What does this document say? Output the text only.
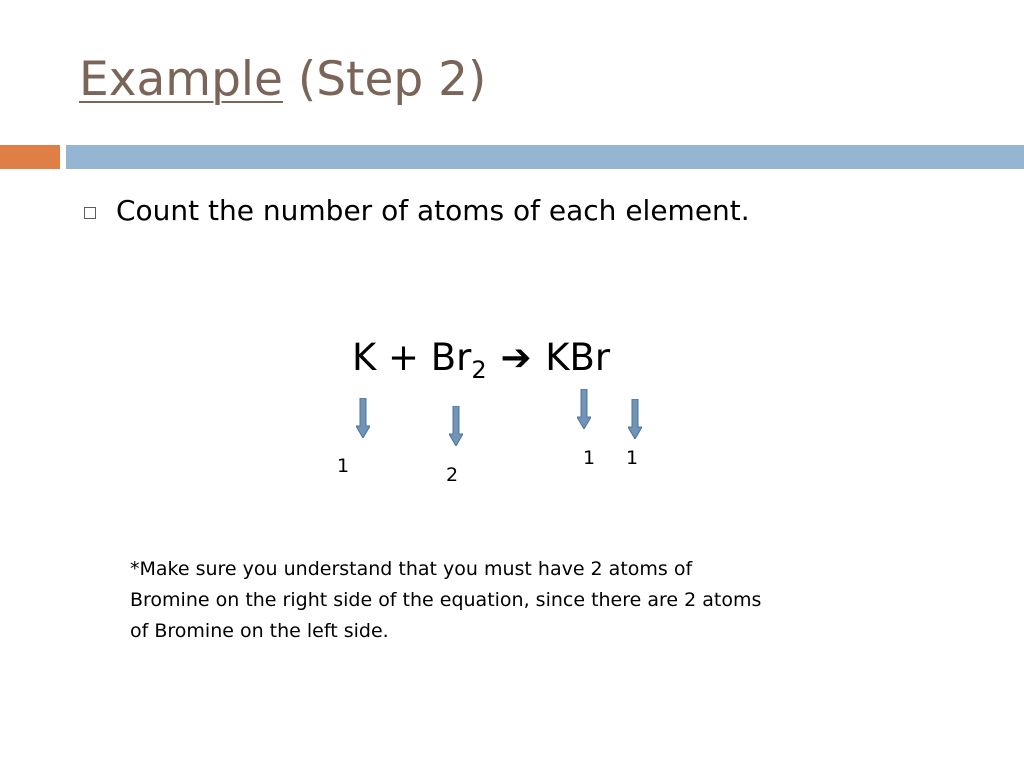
Example (Step 2)
Count the number of atoms of each element.
$K + Br_2$ ➔ KBr
1	2
1 1
*Make sure you understand that you must have 2 atoms of
Bromine on the right side of the equation, since there are 2 atoms
of Bromine on the left side.
